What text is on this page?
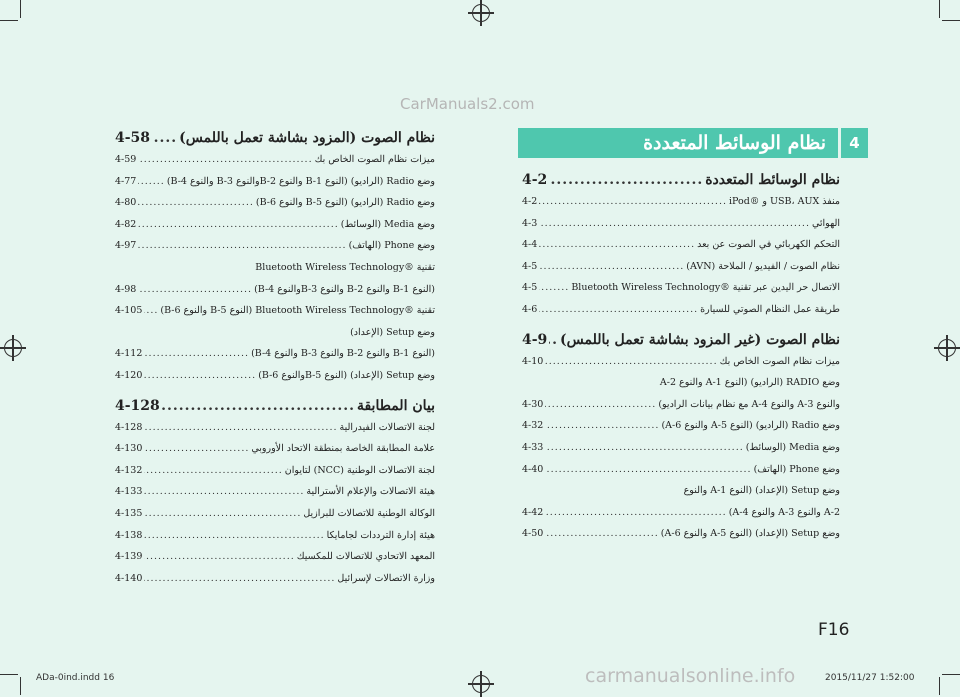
CarManuals2.com
نظام الوسائط المتعددة	4
نظام الوسائط المتعددة
.....
4-2
منفذ USB، AUX و ®iPod
.....
4-2
الهوائي
.....
4-3
التحكم الكهربائي في الصوت عن بعد
.....
4-4
نظام الصوت / الفيديو / الملاحة (AVN)
.....
4-5
الاتصال حر اليدين عبر تقنية ®Bluetooth Wireless Technology
.....
4-5
طريقة عمل النظام الصوتي للسيارة
.....
4-6
نظام الصوت (غير المزود بشاشة تعمل باللمس)
.....
4-9
ميزات نظام الصوت الخاص بك
.....
4-10
وضع RADIO (الراديو) (النوع A-1 والنوع A-2
والنوع A-3 والنوع A-4 مع نظام بيانات الراديو)
.....
4-30
وضع Radio (الراديو) (النوع A-5 والنوع A-6)
.....
4-32
وضع Media (الوسائط)
.....
4-33
وضع Phone (الهاتف)
.....
4-40
وضع Setup (الإعداد) (النوع A-1 والنوع
A-2 والنوع A-3 والنوع A-4)
.....
4-42
وضع Setup (الإعداد) (النوع A-5 والنوع A-6)
.....
4-50
نظام الصوت (المزود بشاشة تعمل باللمس)
.....
4-58
ميزات نظام الصوت الخاص بك
.....
4-59
وضع Radio (الراديو) (النوع B-1 والنوع B-2والنوع B-3 والنوع B-4)
.....
4-77
وضع Radio (الراديو) (النوع B-5 والنوع B-6)
.....
4-80
وضع Media (الوسائط)
.....
4-82
وضع Phone (الهاتف)
.....
4-97
تقنية ®Bluetooth Wireless Technology
(النوع B-1 والنوع B-2 والنوع B-3والنوع B-4)
.....
4-98
تقنية ®Bluetooth Wireless Technology (النوع B-5 والنوع B-6)
.....
4-105
وضع Setup (الإعداد)
(النوع B-1 والنوع B-2 والنوع B-3 والنوع B-4)
.....
4-112
وضع Setup (الإعداد) (النوع B-5والنوع B-6)
.....
4-120
بيان المطابقة
.....
4-128
لجنة الاتصالات الفيدرالية
.....
4-128
علامة المطابقة الخاصة بمنطقة الاتحاد الأوروبي
.....
4-130
لجنة الاتصالات الوطنية (NCC) لتايوان
.....
4-132
هيئة الاتصالات والإعلام الأسترالية
.....
4-133
الوكالة الوطنية للاتصالات للبرازيل
.....
4-135
هيئة إدارة الترددات لجامايكا
.....
4-138
المعهد الاتحادي للاتصالات للمكسيك
.....
4-139
وزارة الاتصالات لإسرائيل
.....
4-140
F16
ADa-0ind.indd 16	2015/11/27 1:52:00
carmanualsonline.info
